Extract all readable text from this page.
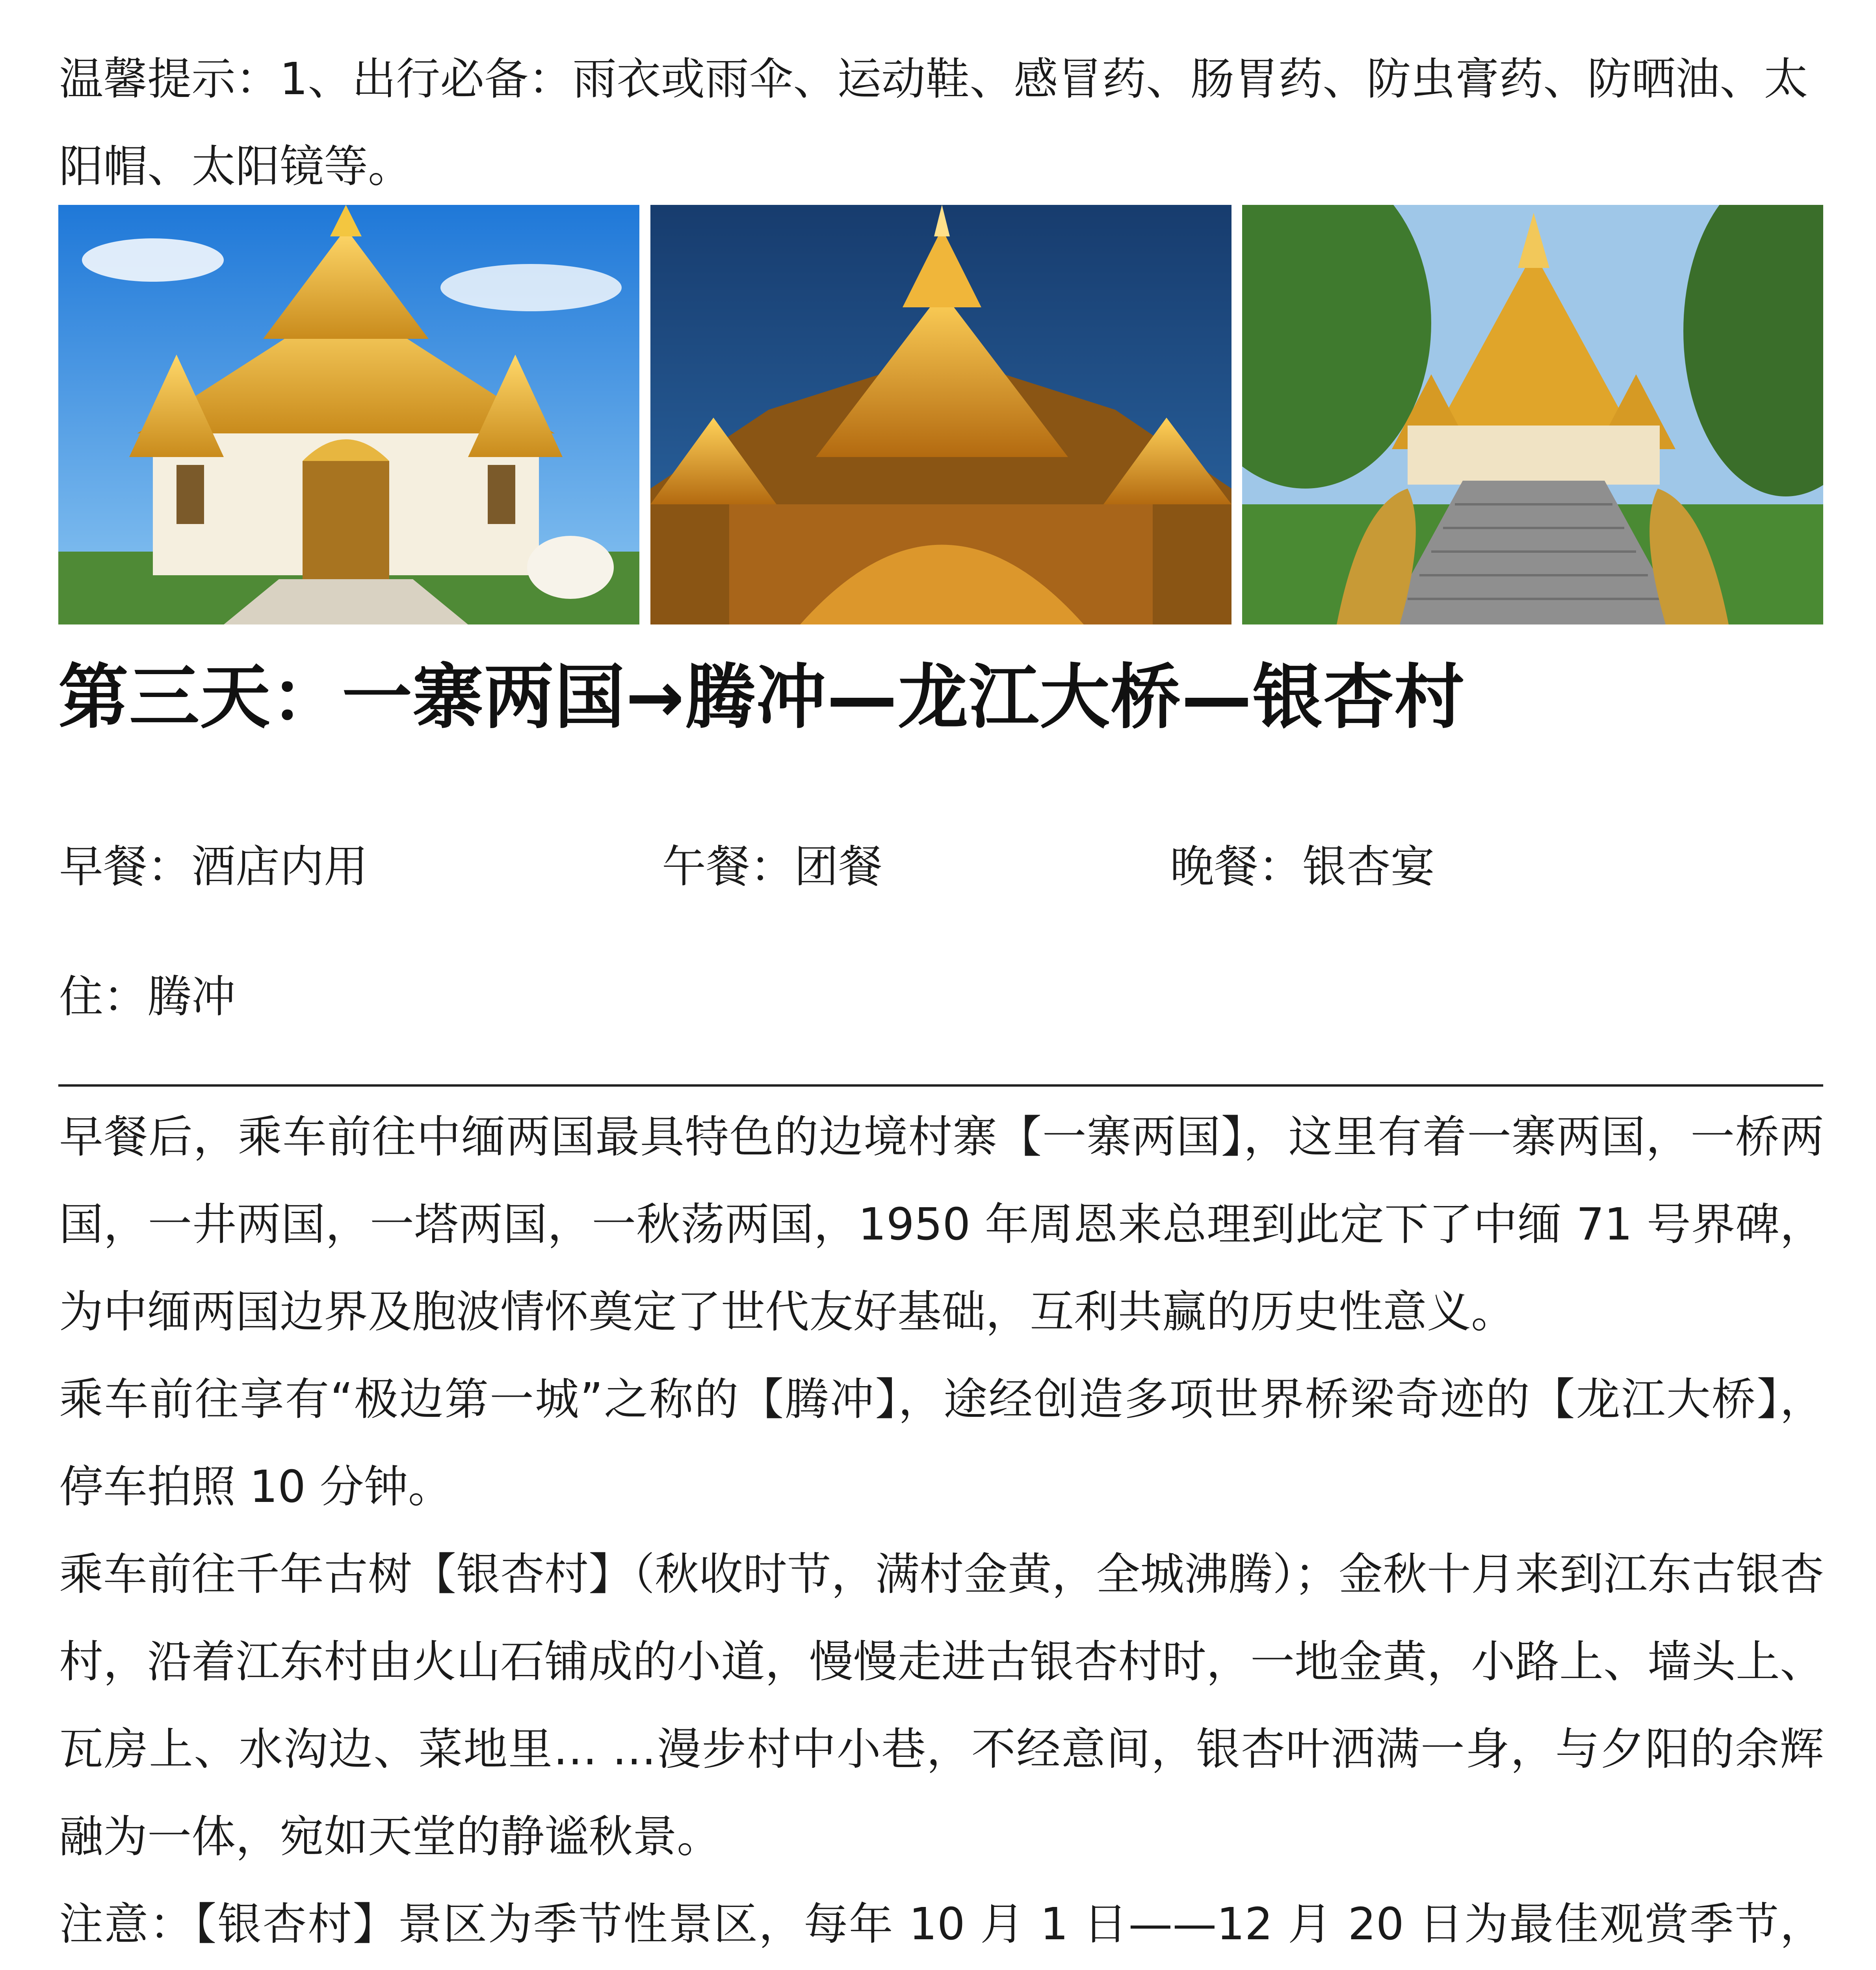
温馨提示：1、出行必备：雨衣或雨伞、运动鞋、感冒药、肠胃药、防虫膏药、防晒油、太阳帽、太阳镜等。

第三天：一寨两国→腾冲—龙江大桥—银杏村

早餐：酒店内用	午餐：团餐	晚餐：银杏宴

住：腾冲

早餐后，乘车前往中缅两国最具特色的边境村寨【一寨两国】，这里有着一寨两国，一桥两国，一井两国，一塔两国，一秋荡两国，1950 年周恩来总理到此定下了中缅 71 号界碑，为中缅两国边界及胞波情怀奠定了世代友好基础，互利共赢的历史性意义。

乘车前往享有“极边第一城”之称的【腾冲】，途经创造多项世界桥梁奇迹的【龙江大桥】，停车拍照 10 分钟。

乘车前往千年古树【银杏村】（秋收时节，满村金黄，全城沸腾）；金秋十月来到江东古银杏村，沿着江东村由火山石铺成的小道，慢慢走进古银杏村时，一地金黄，小路上、墙头上、瓦房上、水沟边、菜地里… …漫步村中小巷，不经意间，银杏叶洒满一身，与夕阳的余辉融为一体，宛如天堂的静谧秋景。

注意：【银杏村】景区为季节性景区，每年 10 月 1 日——12 月 20 日为最佳观赏季节，
